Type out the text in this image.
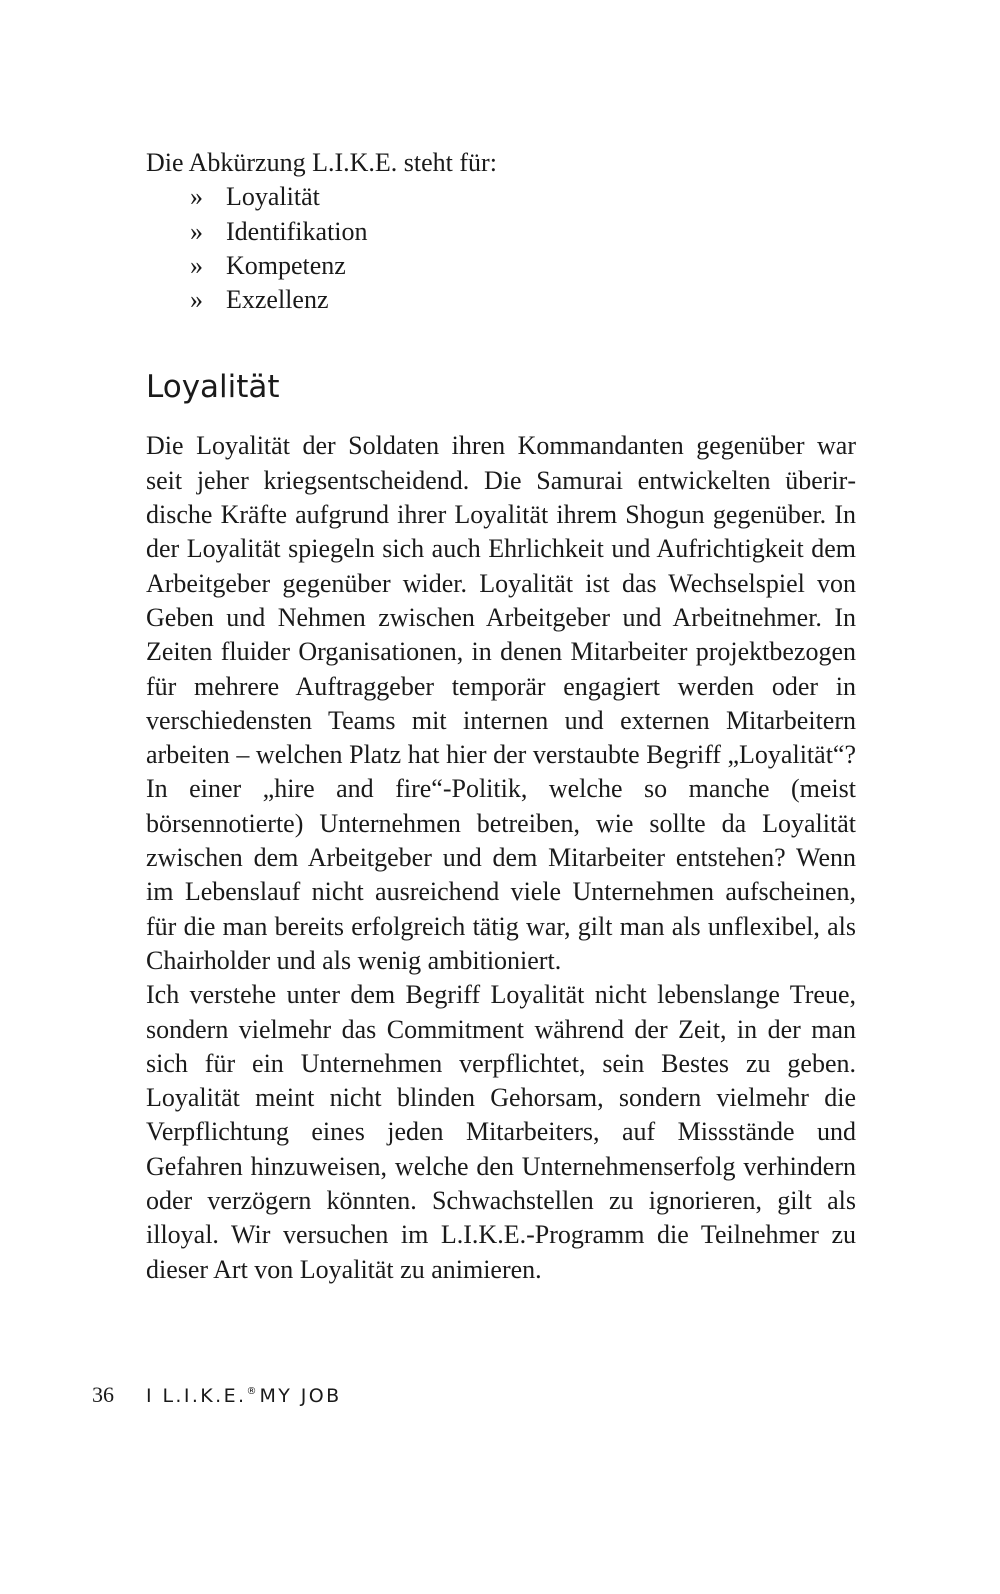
Die Abkürzung L.I.K.E. steht für:

» Loyalität
» Identifikation
» Kompetenz
» Exzellenz
Loyalität

Die Loyalität der Soldaten ihren Kommandanten gegenüber war seit jeher kriegsentscheidend. Die Samurai entwickelten überirdische Kräfte aufgrund ihrer Loyalität ihrem Shogun gegenüber. In der Loyalität spiegeln sich auch Ehrlichkeit und Aufrichtigkeit dem Arbeitgeber gegenüber wider. Loyalität ist das Wechselspiel von Geben und Nehmen zwischen Arbeitgeber und Arbeitnehmer. In Zeiten fluider Organisationen, in denen Mitarbeiter projektbezogen für mehrere Auftraggeber temporär engagiert werden oder in verschiedensten Teams mit internen und externen Mitarbeitern arbeiten – welchen Platz hat hier der verstaubte Begriff „Loyalität“? In einer „hire and fire“-Politik, welche so manche (meist börsennotierte) Unternehmen betreiben, wie sollte da Loyalität zwischen dem Arbeitgeber und dem Mitarbeiter entstehen? Wenn im Lebenslauf nicht ausreichend viele Unternehmen aufscheinen, für die man bereits erfolgreich tätig war, gilt man als unflexibel, als Chairholder und als wenig ambitioniert.

Ich verstehe unter dem Begriff Loyalität nicht lebenslange Treue, sondern vielmehr das Commitment während der Zeit, in der man sich für ein Unternehmen verpflichtet, sein Bestes zu geben. Loyalität meint nicht blinden Gehorsam, sondern vielmehr die Verpflichtung eines jeden Mitarbeiters, auf Missstände und Gefahren hinzuweisen, welche den Unternehmenserfolg verhindern oder verzögern könnten. Schwachstellen zu ignorieren, gilt als illoyal. Wir versuchen im L.I.K.E.-Programm die Teilnehmer zu dieser Art von Loyalität zu animieren.

36	I L.I.K.E.® MY JOB
